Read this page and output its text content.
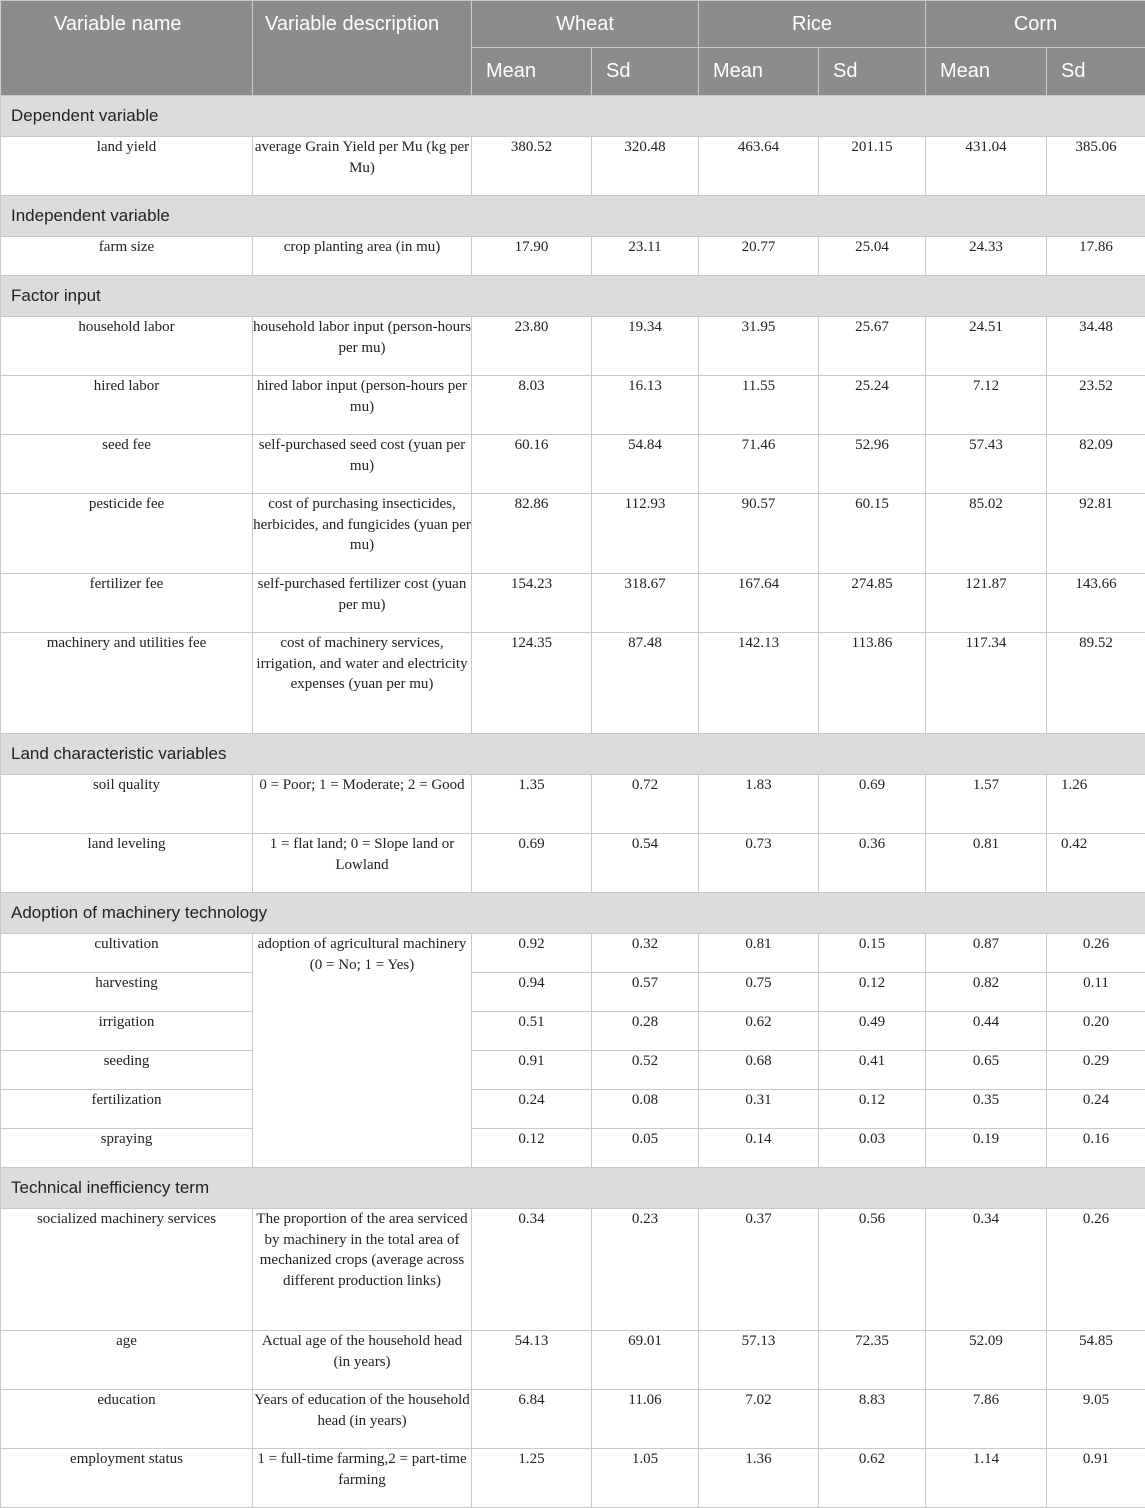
Variable name	Variable description	Wheat		Rice		Corn	
		Mean	Sd	Mean	Sd	Mean	Sd
Dependent variable							
land yield	average Grain Yield per Mu (kg per Mu)	380.52	320.48	463.64	201.15	431.04	385.06
Independent variable							
farm size	crop planting area (in mu)	17.90	23.11	20.77	25.04	24.33	17.86
Factor input							
household labor	household labor input (person-hours per mu)	23.80	19.34	31.95	25.67	24.51	34.48
hired labor	hired labor input (person-hours per mu)	8.03	16.13	11.55	25.24	7.12	23.52
seed fee	self-purchased seed cost (yuan per mu)	60.16	54.84	71.46	52.96	57.43	82.09
pesticide fee	cost of purchasing insecticides, herbicides, and fungicides (yuan per mu)	82.86	112.93	90.57	60.15	85.02	92.81
fertilizer fee	self-purchased fertilizer cost (yuan per mu)	154.23	318.67	167.64	274.85	121.87	143.66
machinery and utilities fee	cost of machinery services, irrigation, and water and electricity expenses (yuan per mu)	124.35	87.48	142.13	113.86	117.34	89.52
Land characteristic variables							
soil quality	0 = Poor; 1 = Moderate; 2 = Good	1.35	0.72	1.83	0.69	1.57	1.26
land leveling	1 = flat land; 0 = Slope land or Lowland	0.69	0.54	0.73	0.36	0.81	0.42
Adoption of machinery technology							
cultivation	adoption of agricultural machinery (0 = No; 1 = Yes)	0.92	0.32	0.81	0.15	0.87	0.26
harvesting		0.94	0.57	0.75	0.12	0.82	0.11
irrigation		0.51	0.28	0.62	0.49	0.44	0.20
seeding		0.91	0.52	0.68	0.41	0.65	0.29
fertilization		0.24	0.08	0.31	0.12	0.35	0.24
spraying		0.12	0.05	0.14	0.03	0.19	0.16
Technical inefficiency term							
socialized machinery services	The proportion of the area serviced by machinery in the total area of mechanized crops (average across different production links)	0.34	0.23	0.37	0.56	0.34	0.26
age	Actual age of the household head (in years)	54.13	69.01	57.13	72.35	52.09	54.85
education	Years of education of the household head (in years)	6.84	11.06	7.02	8.83	7.86	9.05
employment status	1 = full-time farming,2 = part-time farming	1.25	1.05	1.36	0.62	1.14	0.91
